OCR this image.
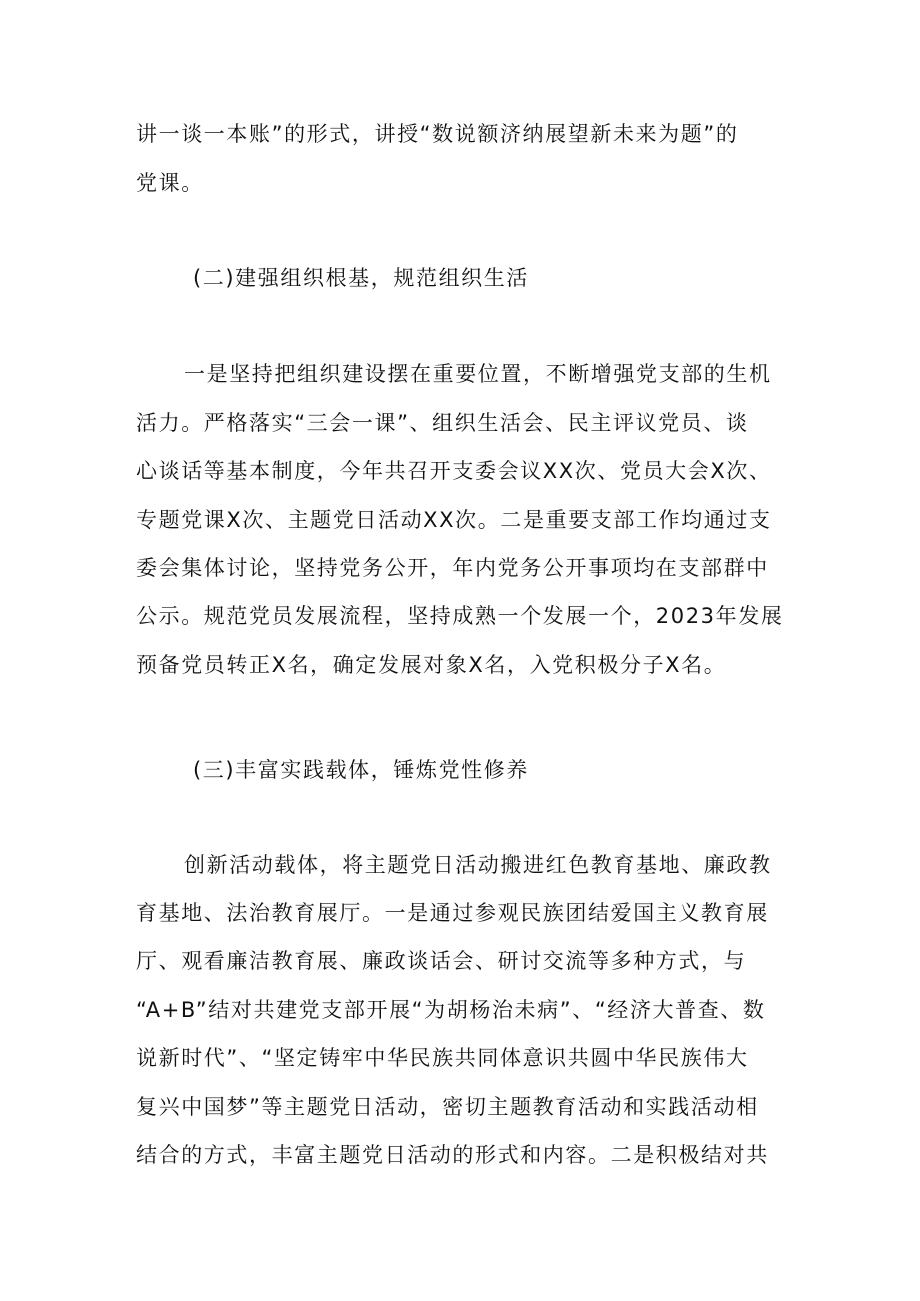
讲一谈一本账”的形式，讲授“数说额济纳展望新未来为题”的

党课。

(二)建强组织根基，规范组织生活

一是坚持把组织建设摆在重要位置，不断增强党支部的生机

活力。严格落实“三会一课”、组织生活会、民主评议党员、谈

心谈话等基本制度，今年共召开支委会议XX次、党员大会X次、

专题党课X次、主题党日活动XX次。二是重要支部工作均通过支

委会集体讨论，坚持党务公开，年内党务公开事项均在支部群中

公示。规范党员发展流程，坚持成熟一个发展一个，2023年发展

预备党员转正X名，确定发展对象X名，入党积极分子X名。

(三)丰富实践载体，锤炼党性修养

创新活动载体，将主题党日活动搬进红色教育基地、廉政教

育基地、法治教育展厅。一是通过参观民族团结爱国主义教育展

厅、观看廉洁教育展、廉政谈话会、研讨交流等多种方式，与

“A+B”结对共建党支部开展“为胡杨治未病”、“经济大普查、数

说新时代”、“坚定铸牢中华民族共同体意识共圆中华民族伟大

复兴中国梦”等主题党日活动，密切主题教育活动和实践活动相

结合的方式，丰富主题党日活动的形式和内容。二是积极结对共
